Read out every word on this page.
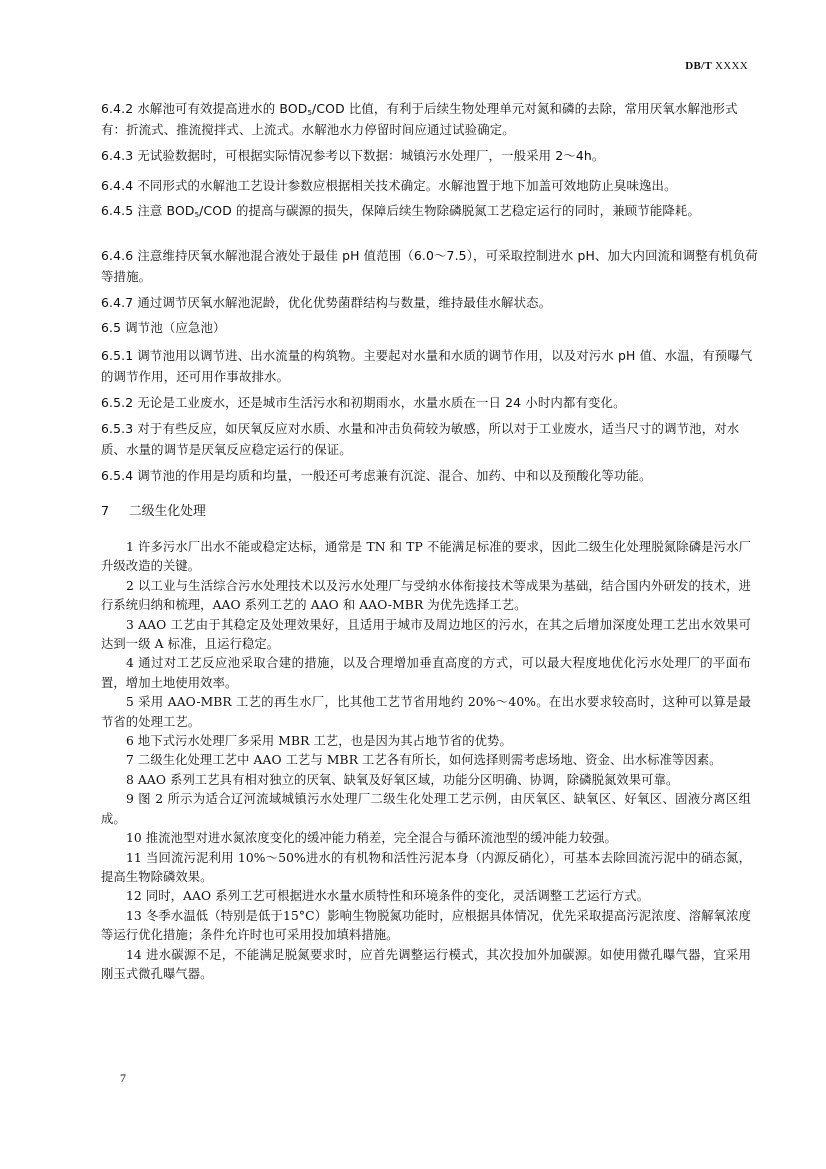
DB/T XXXX
6.4.2 水解池可有效提高进水的 $BOD_5$/COD 比值，有利于后续生物处理单元对氮和磷的去除，常用厌氧水解池形式有：折流式、推流搅拌式、上流式。水解池水力停留时间应通过试验确定。
6.4.3 无试验数据时，可根据实际情况参考以下数据：城镇污水处理厂，一般采用 2～4h。
6.4.4 不同形式的水解池工艺设计参数应根据相关技术确定。水解池置于地下加盖可效地防止臭味逸出。
6.4.5 注意 $BOD_5$/COD 的提高与碳源的损失，保障后续生物除磷脱氮工艺稳定运行的同时，兼顾节能降耗。
6.4.6 注意维持厌氧水解池混合液处于最佳 pH 值范围（6.0～7.5），可采取控制进水 pH、加大内回流和调整有机负荷等措施。
6.4.7 通过调节厌氧水解池泥龄，优化优势菌群结构与数量，维持最佳水解状态。
6.5 调节池（应急池）
6.5.1 调节池用以调节进、出水流量的构筑物。主要起对水量和水质的调节作用，以及对污水 pH 值、水温，有预曝气的调节作用，还可用作事故排水。
6.5.2 无论是工业废水，还是城市生活污水和初期雨水，水量水质在一日 24 小时内都有变化。
6.5.3 对于有些反应，如厌氧反应对水质、水量和冲击负荷较为敏感，所以对于工业废水，适当尺寸的调节池，对水质、水量的调节是厌氧反应稳定运行的保证。
6.5.4 调节池的作用是均质和均量，一般还可考虑兼有沉淀、混合、加药、中和以及预酸化等功能。
7 二级生化处理

1 许多污水厂出水不能或稳定达标，通常是 TN 和 TP 不能满足标准的要求，因此二级生化处理脱氮除磷是污水厂升级改造的关键。

2 以工业与生活综合污水处理技术以及污水处理厂与受纳水体衔接技术等成果为基础，结合国内外研发的技术，进行系统归纳和梳理，AAO 系列工艺的 AAO 和 AAO-MBR 为优先选择工艺。

3 AAO 工艺由于其稳定及处理效果好，且适用于城市及周边地区的污水，在其之后增加深度处理工艺出水效果可达到一级 A 标准，且运行稳定。

4 通过对工艺反应池采取合建的措施，以及合理增加垂直高度的方式，可以最大程度地优化污水处理厂的平面布置，增加土地使用效率。

5 采用 AAO-MBR 工艺的再生水厂，比其他工艺节省用地约 20%～40%。在出水要求较高时，这种可以算是最节省的处理工艺。

6 地下式污水处理厂多采用 MBR 工艺，也是因为其占地节省的优势。

7 二级生化处理工艺中 AAO 工艺与 MBR 工艺各有所长，如何选择则需考虑场地、资金、出水标准等因素。

8 AAO 系列工艺具有相对独立的厌氧、缺氧及好氧区域，功能分区明确、协调，除磷脱氮效果可靠。

9 图 2 所示为适合辽河流域城镇污水处理厂二级生化处理工艺示例，由厌氧区、缺氧区、好氧区、固液分离区组成。

10 推流池型对进水氮浓度变化的缓冲能力稍差，完全混合与循环流池型的缓冲能力较强。

11 当回流污泥利用 10%～50%进水的有机物和活性污泥本身（内源反硝化），可基本去除回流污泥中的硝态氮，提高生物除磷效果。

12 同时，AAO 系列工艺可根据进水水量水质特性和环境条件的变化，灵活调整工艺运行方式。

13 冬季水温低（特别是低于15°C）影响生物脱氮功能时，应根据具体情况，优先采取提高污泥浓度、溶解氧浓度等运行优化措施；条件允许时也可采用投加填料措施。

14 进水碳源不足，不能满足脱氮要求时，应首先调整运行模式，其次投加外加碳源。如使用微孔曝气器，宜采用刚玉式微孔曝气器。

7
